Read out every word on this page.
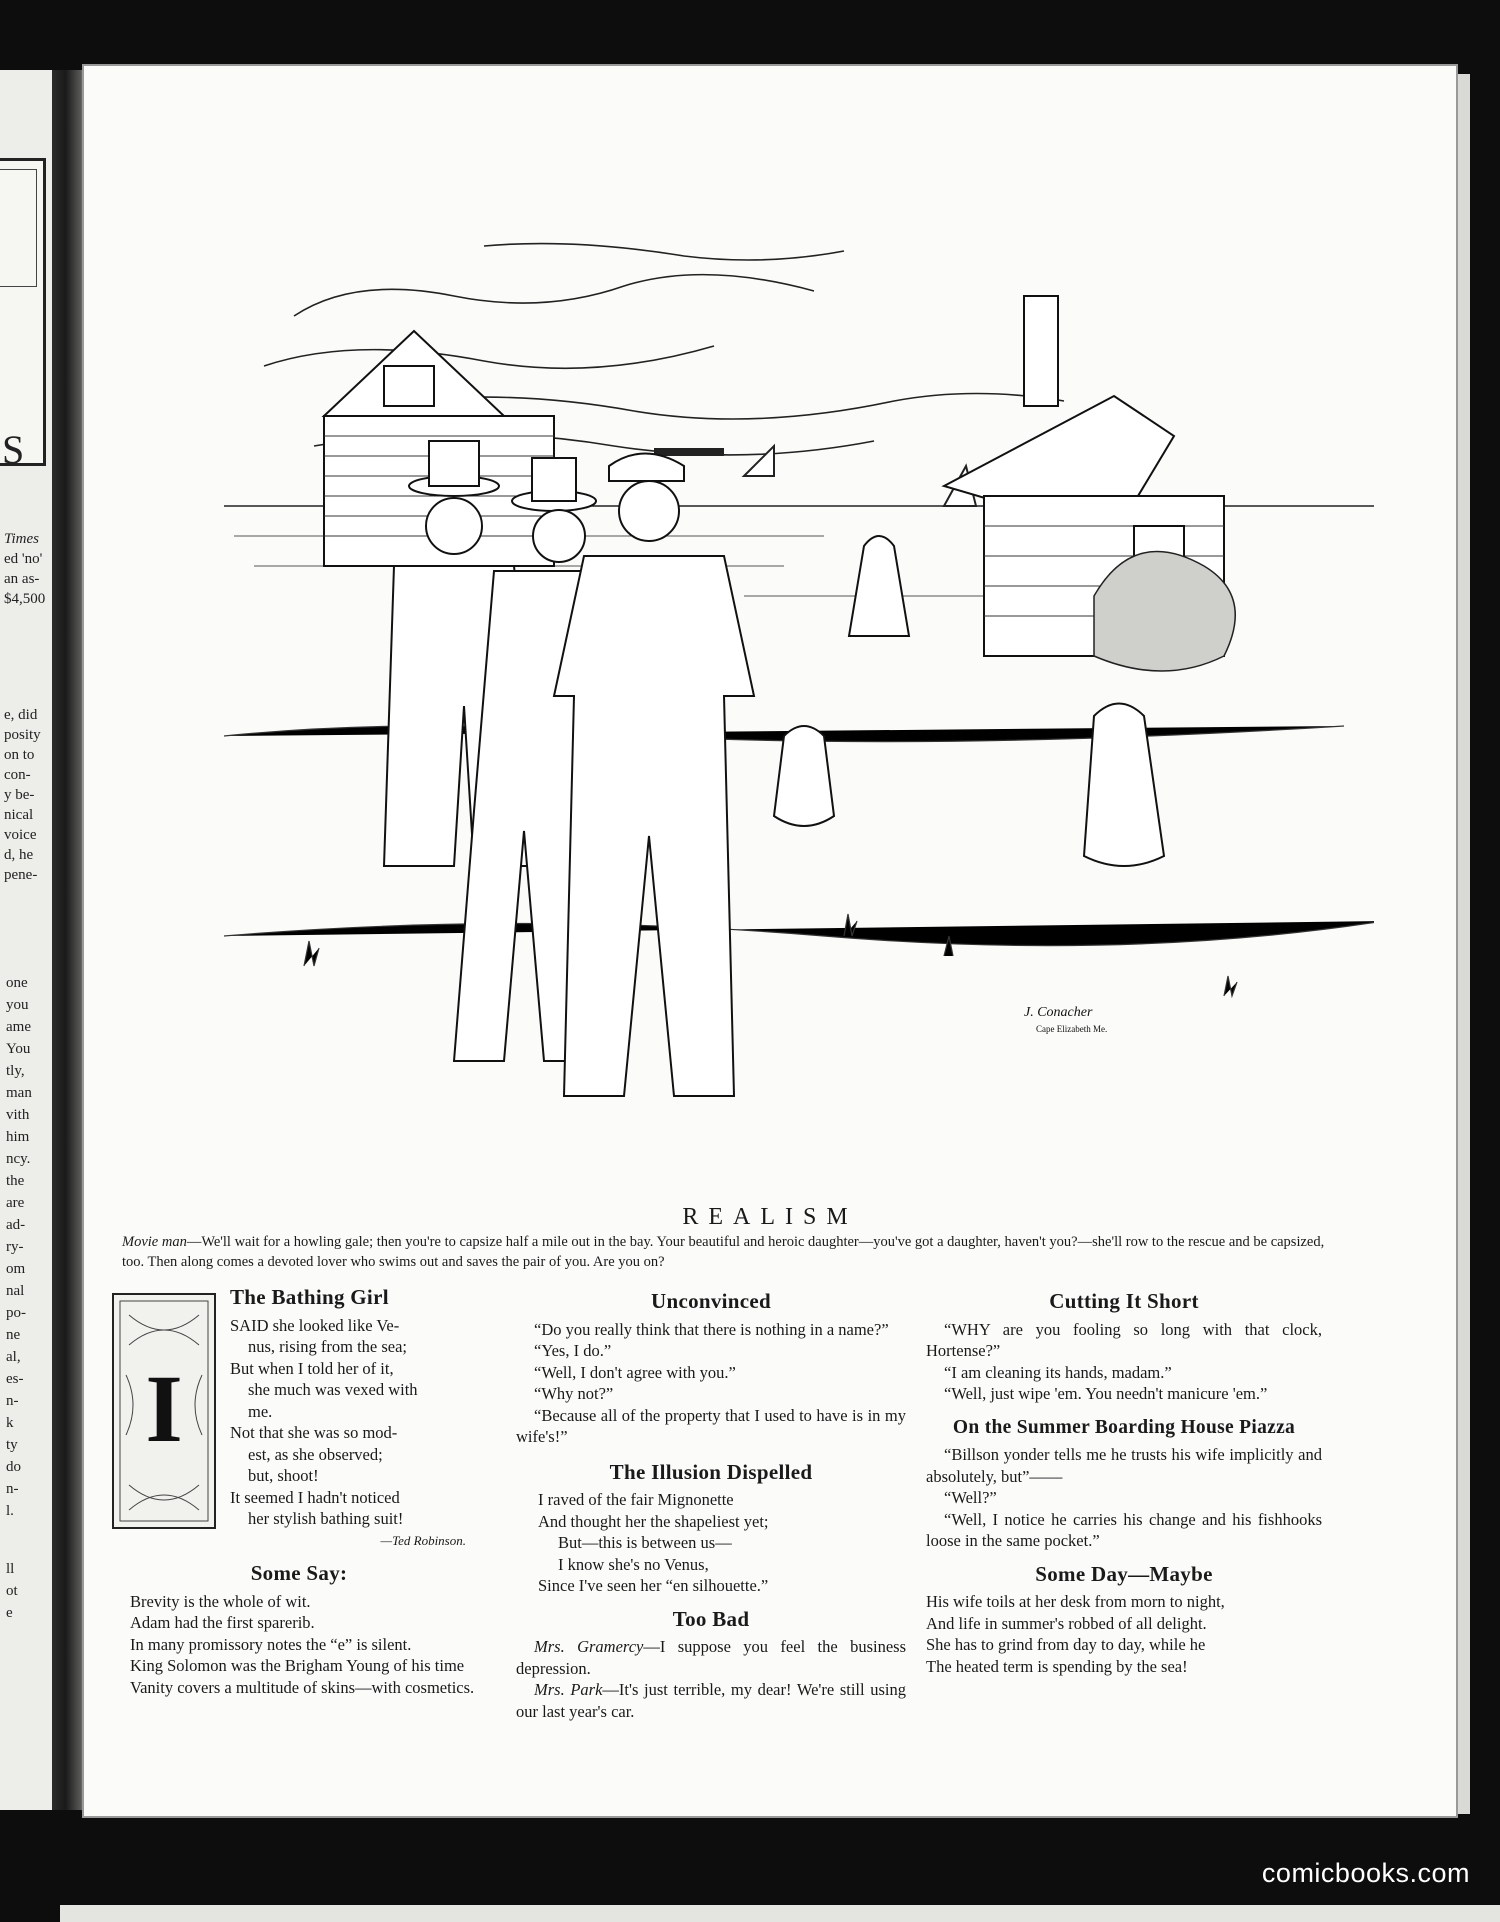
S
Times
ed 'no'
an as-
$4,500
e, did
posity
on to
con-
y be-
nical
voice
d, he
pene-
one
you
ame
You
tly,
man
vith
him
ncy.
the
are
ad-
ry-
om
nal
po-
ne
al,
es-
n-
k
ty
do
n-
l.
ll
ot
e
J. Conacher
Cape Elizabeth Me.
REALISM

Movie man—We'll wait for a howling gale; then you're to capsize half a mile out in the bay. Your beautiful and heroic daughter—you've got a daughter, haven't you?—she'll row to the rescue and be capsized, too. Then along comes a devoted lover who swims out and saves the pair of you. Are you on?

I
The Bathing Girl

SAID she looked like Ve-

nus, rising from the sea;

But when I told her of it,

she much was vexed with

me.

Not that she was so mod-

est, as she observed;

but, shoot!

It seemed I hadn't noticed

her stylish bathing suit!

—Ted Robinson.

Some Say:

Brevity is the whole of wit.

Adam had the first sparerib.

In many promissory notes the “e” is silent.

King Solomon was the Brigham Young of his time

Vanity covers a multitude of skins—with cosmetics.

Unconvinced

“Do you really think that there is nothing in a name?”

“Yes, I do.”

“Well, I don't agree with you.”

“Why not?”

“Because all of the property that I used to have is in my wife's!”

The Illusion Dispelled

I raved of the fair Mignonette

And thought her the shapeliest yet;

But—this is between us—

I know she's no Venus,

Since I've seen her “en silhouette.”

Too Bad

Mrs. Gramercy—I suppose you feel the business depression.

Mrs. Park—It's just terrible, my dear! We're still using our last year's car.

Cutting It Short

“WHY are you fooling so long with that clock, Hortense?”

“I am cleaning its hands, madam.”

“Well, just wipe 'em. You needn't manicure 'em.”

On the Summer Boarding House Piazza

“Billson yonder tells me he trusts his wife implicitly and absolutely, but”——

“Well?”

“Well, I notice he carries his change and his fishhooks loose in the same pocket.”

Some Day—Maybe

His wife toils at her desk from morn to night,

And life in summer's robbed of all delight.

She has to grind from day to day, while he

The heated term is spending by the sea!

comicbooks.com
